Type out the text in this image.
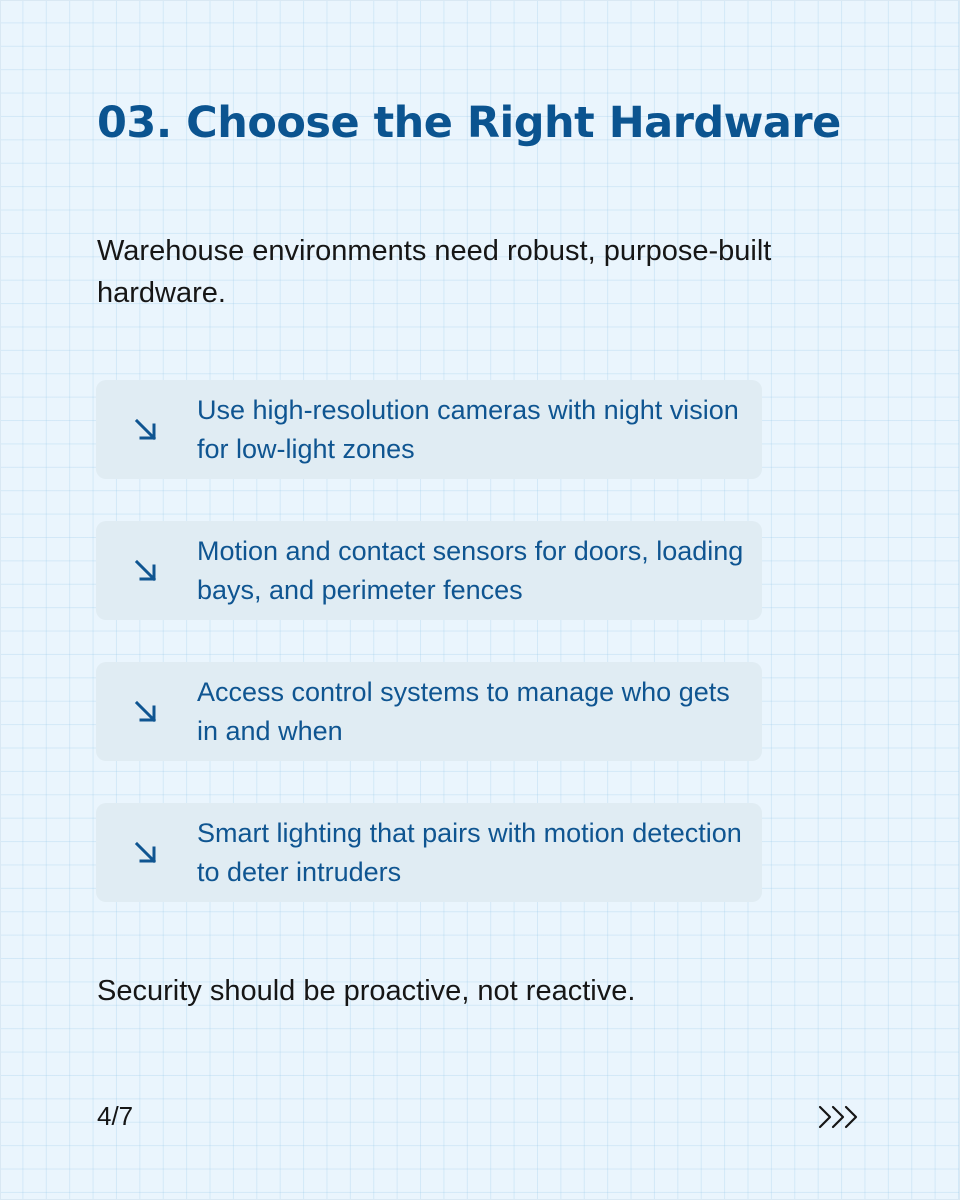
03. Choose the Right Hardware

Warehouse environments need robust, purpose-built hardware.

Use high-resolution cameras with night vision for low-light zones
Motion and contact sensors for doors, loading bays, and perimeter fences
Access control systems to manage who gets in and when
Smart lighting that pairs with motion detection to deter intruders

Security should be proactive, not reactive.

4/7
